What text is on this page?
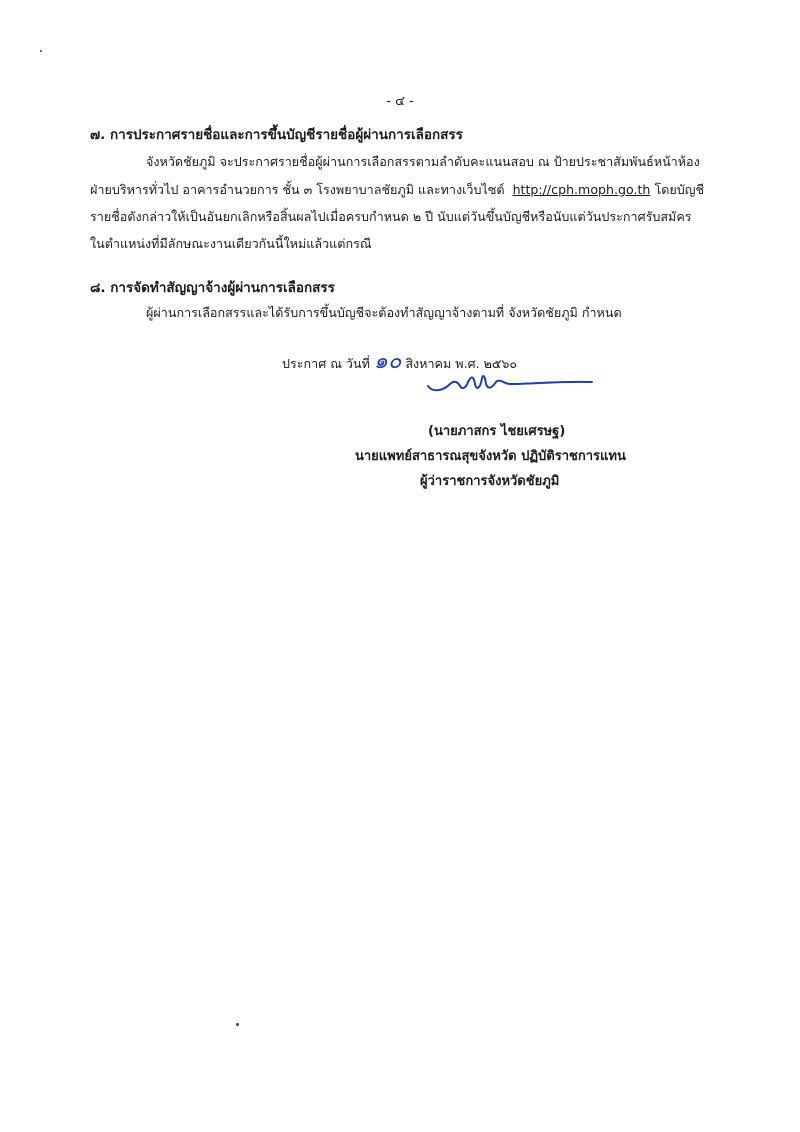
- ๔ -
๗. การประกาศรายชื่อและการขึ้นบัญชีรายชื่อผู้ผ่านการเลือกสรร
จังหวัดชัยภูมิ จะประกาศรายชื่อผู้ผ่านการเลือกสรรตามลำดับคะแนนสอบ ณ ป้ายประชาสัมพันธ์หน้าห้อง
ฝ่ายบริหารทั่วไป อาคารอำนวยการ ชั้น ๓ โรงพยาบาลชัยภูมิ และทางเว็บไซต์ http://cph.moph.go.th โดยบัญชี
รายชื่อดังกล่าวให้เป็นอันยกเลิกหรือสิ้นผลไปเมื่อครบกำหนด ๒ ปี นับแต่วันขึ้นบัญชีหรือนับแต่วันประกาศรับสมัคร
ในตำแหน่งที่มีลักษณะงานเดียวกันนี้ใหม่แล้วแต่กรณี
๘. การจัดทำสัญญาจ้างผู้ผ่านการเลือกสรร
ผู้ผ่านการเลือกสรรและได้รับการขึ้นบัญชีจะต้องทำสัญญาจ้างตามที่ จังหวัดชัยภูมิ กำหนด
ประกาศ ณ วันที่ ๑๐ สิงหาคม พ.ศ. ๒๕๖๐
(นายภาสกร ไชยเศรษฐ)
นายแพทย์สาธารณสุขจังหวัด ปฏิบัติราชการแทน
ผู้ว่าราชการจังหวัดชัยภูมิ
